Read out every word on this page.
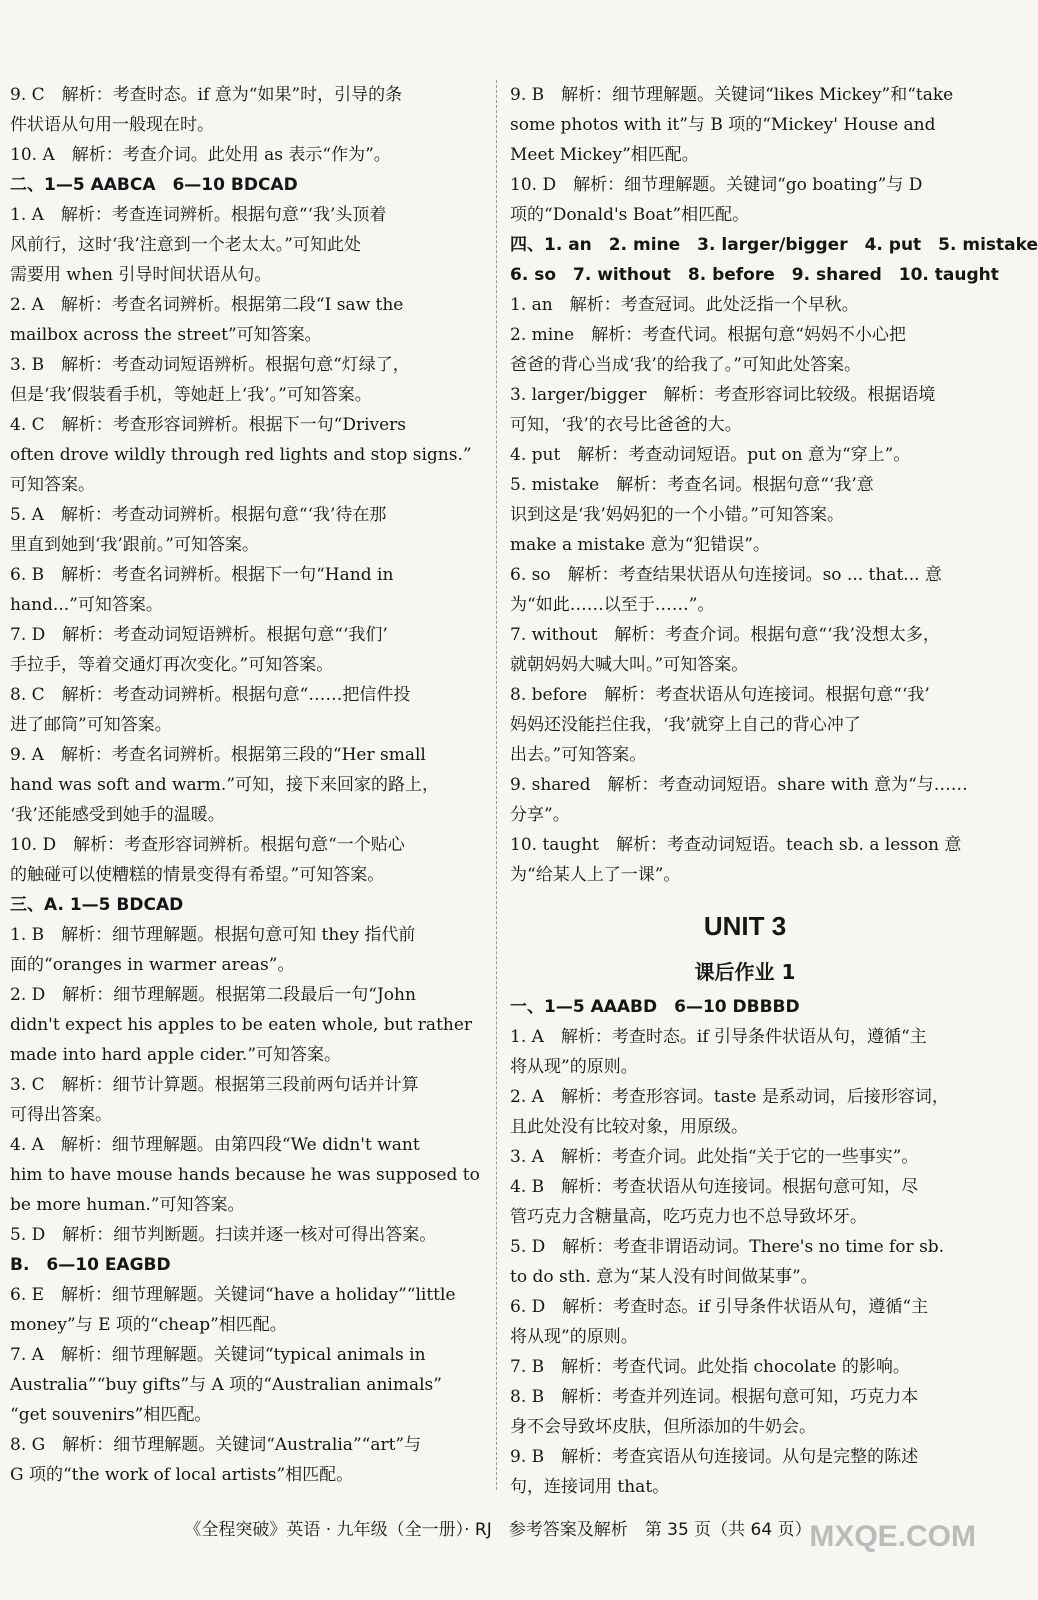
9. C　解析：考查时态。if 意为“如果”时，引导的条
件状语从句用一般现在时。
10. A　解析：考查介词。此处用 as 表示“作为”。
二、1—5 AABCA　6—10 BDCAD
1. A　解析：考查连词辨析。根据句意“‘我’头顶着
风前行，这时‘我’注意到一个老太太。”可知此处
需要用 when 引导时间状语从句。
2. A　解析：考查名词辨析。根据第二段“I saw the
mailbox across the street”可知答案。
3. B　解析：考查动词短语辨析。根据句意“灯绿了，
但是‘我’假装看手机，等她赶上‘我’。”可知答案。
4. C　解析：考查形容词辨析。根据下一句“Drivers
often drove wildly through red lights and stop signs.”
可知答案。
5. A　解析：考查动词辨析。根据句意“‘我’待在那
里直到她到‘我’跟前。”可知答案。
6. B　解析：考查名词辨析。根据下一句“Hand in
hand...”可知答案。
7. D　解析：考查动词短语辨析。根据句意“‘我们’
手拉手，等着交通灯再次变化。”可知答案。
8. C　解析：考查动词辨析。根据句意“……把信件投
进了邮筒”可知答案。
9. A　解析：考查名词辨析。根据第三段的“Her small
hand was soft and warm.”可知，接下来回家的路上，
‘我’还能感受到她手的温暖。
10. D　解析：考查形容词辨析。根据句意“一个贴心
的触碰可以使糟糕的情景变得有希望。”可知答案。
三、A. 1—5 BDCAD
1. B　解析：细节理解题。根据句意可知 they 指代前
面的“oranges in warmer areas”。
2. D　解析：细节理解题。根据第二段最后一句“John
didn't expect his apples to be eaten whole, but rather
made into hard apple cider.”可知答案。
3. C　解析：细节计算题。根据第三段前两句话并计算
可得出答案。
4. A　解析：细节理解题。由第四段“We didn't want
him to have mouse hands because he was supposed to
be more human.”可知答案。
5. D　解析：细节判断题。扫读并逐一核对可得出答案。
B.　6—10 EAGBD
6. E　解析：细节理解题。关键词“have a holiday”“little
money”与 E 项的“cheap”相匹配。
7. A　解析：细节理解题。关键词“typical animals in
Australia”“buy gifts”与 A 项的“Australian animals”
“get souvenirs”相匹配。
8. G　解析：细节理解题。关键词“Australia”“art”与
G 项的“the work of local artists”相匹配。
9. B　解析：细节理解题。关键词“likes Mickey”和“take
some photos with it”与 B 项的“Mickey' House and
Meet Mickey”相匹配。
10. D　解析：细节理解题。关键词“go boating”与 D
项的“Donald's Boat”相匹配。
四、1. an　2. mine　3. larger/bigger　4. put　5. mistake
6. so　7. without　8. before　9. shared　10. taught
1. an　解析：考查冠词。此处泛指一个早秋。
2. mine　解析：考查代词。根据句意“妈妈不小心把
爸爸的背心当成‘我’的给我了。”可知此处答案。
3. larger/bigger　解析：考查形容词比较级。根据语境
可知，‘我’的衣号比爸爸的大。
4. put　解析：考查动词短语。put on 意为“穿上”。
5. mistake　解析：考查名词。根据句意“‘我’意
识到这是‘我’妈妈犯的一个小错。”可知答案。
make a mistake 意为“犯错误”。
6. so　解析：考查结果状语从句连接词。so ... that... 意
为“如此……以至于……”。
7. without　解析：考查介词。根据句意“‘我’没想太多，
就朝妈妈大喊大叫。”可知答案。
8. before　解析：考查状语从句连接词。根据句意“‘我’
妈妈还没能拦住我，‘我’就穿上自己的背心冲了
出去。”可知答案。
9. shared　解析：考查动词短语。share with 意为“与……
分享”。
10. taught　解析：考查动词短语。teach sb. a lesson 意
为“给某人上了一课”。
UNIT 3
课后作业 1
一、1—5 AAABD　6—10 DBBBD
1. A　解析：考查时态。if 引导条件状语从句，遵循“主
将从现”的原则。
2. A　解析：考查形容词。taste 是系动词，后接形容词，
且此处没有比较对象，用原级。
3. A　解析：考查介词。此处指“关于它的一些事实”。
4. B　解析：考查状语从句连接词。根据句意可知，尽
管巧克力含糖量高，吃巧克力也不总导致坏牙。
5. D　解析：考查非谓语动词。There's no time for sb.
to do sth. 意为“某人没有时间做某事”。
6. D　解析：考查时态。if 引导条件状语从句，遵循“主
将从现”的原则。
7. B　解析：考查代词。此处指 chocolate 的影响。
8. B　解析：考查并列连词。根据句意可知，巧克力本
身不会导致坏皮肤，但所添加的牛奶会。
9. B　解析：考查宾语从句连接词。从句是完整的陈述
句，连接词用 that。
《全程突破》英语 · 九年级（全一册）· RJ　参考答案及解析　第 35 页（共 64 页）
MXQE.COM
